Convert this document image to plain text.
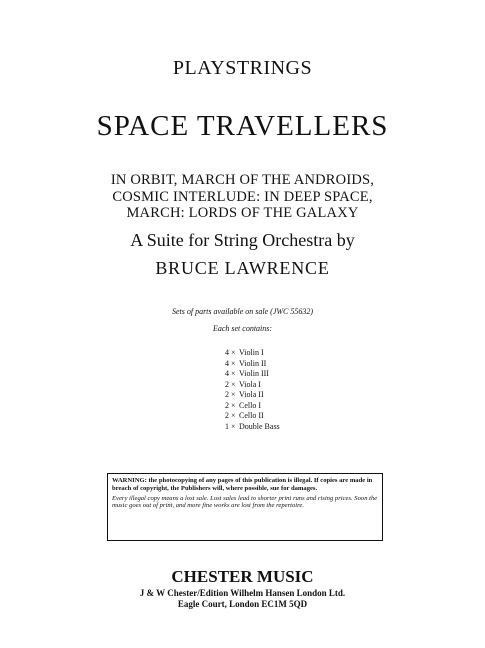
PLAYSTRINGS
SPACE TRAVELLERS
IN ORBIT, MARCH OF THE ANDROIDS,
COSMIC INTERLUDE: IN DEEP SPACE,
MARCH: LORDS OF THE GALAXY
A Suite for String Orchestra by
BRUCE LAWRENCE
Sets of parts available on sale (JWC 55632)
Each set contains:
4 × Violin I
4 × Violin II
4 × Violin III
2 × Viola I
2 × Viola II
2 × Cello I
2 × Cello II
1 × Double Bass

WARNING: the photocopying of any pages of this publication is illegal. If copies are made in breach of copyright, the Publishers will, where possible, sue for damages.

Every illegal copy means a lost sale. Lost sales lead to shorter print runs and rising prices. Soon the music goes out of print, and more fine works are lost from the repertoire.

CHESTER MUSIC
J & W Chester/Edition Wilhelm Hansen London Ltd.
Eagle Court, London EC1M 5QD
